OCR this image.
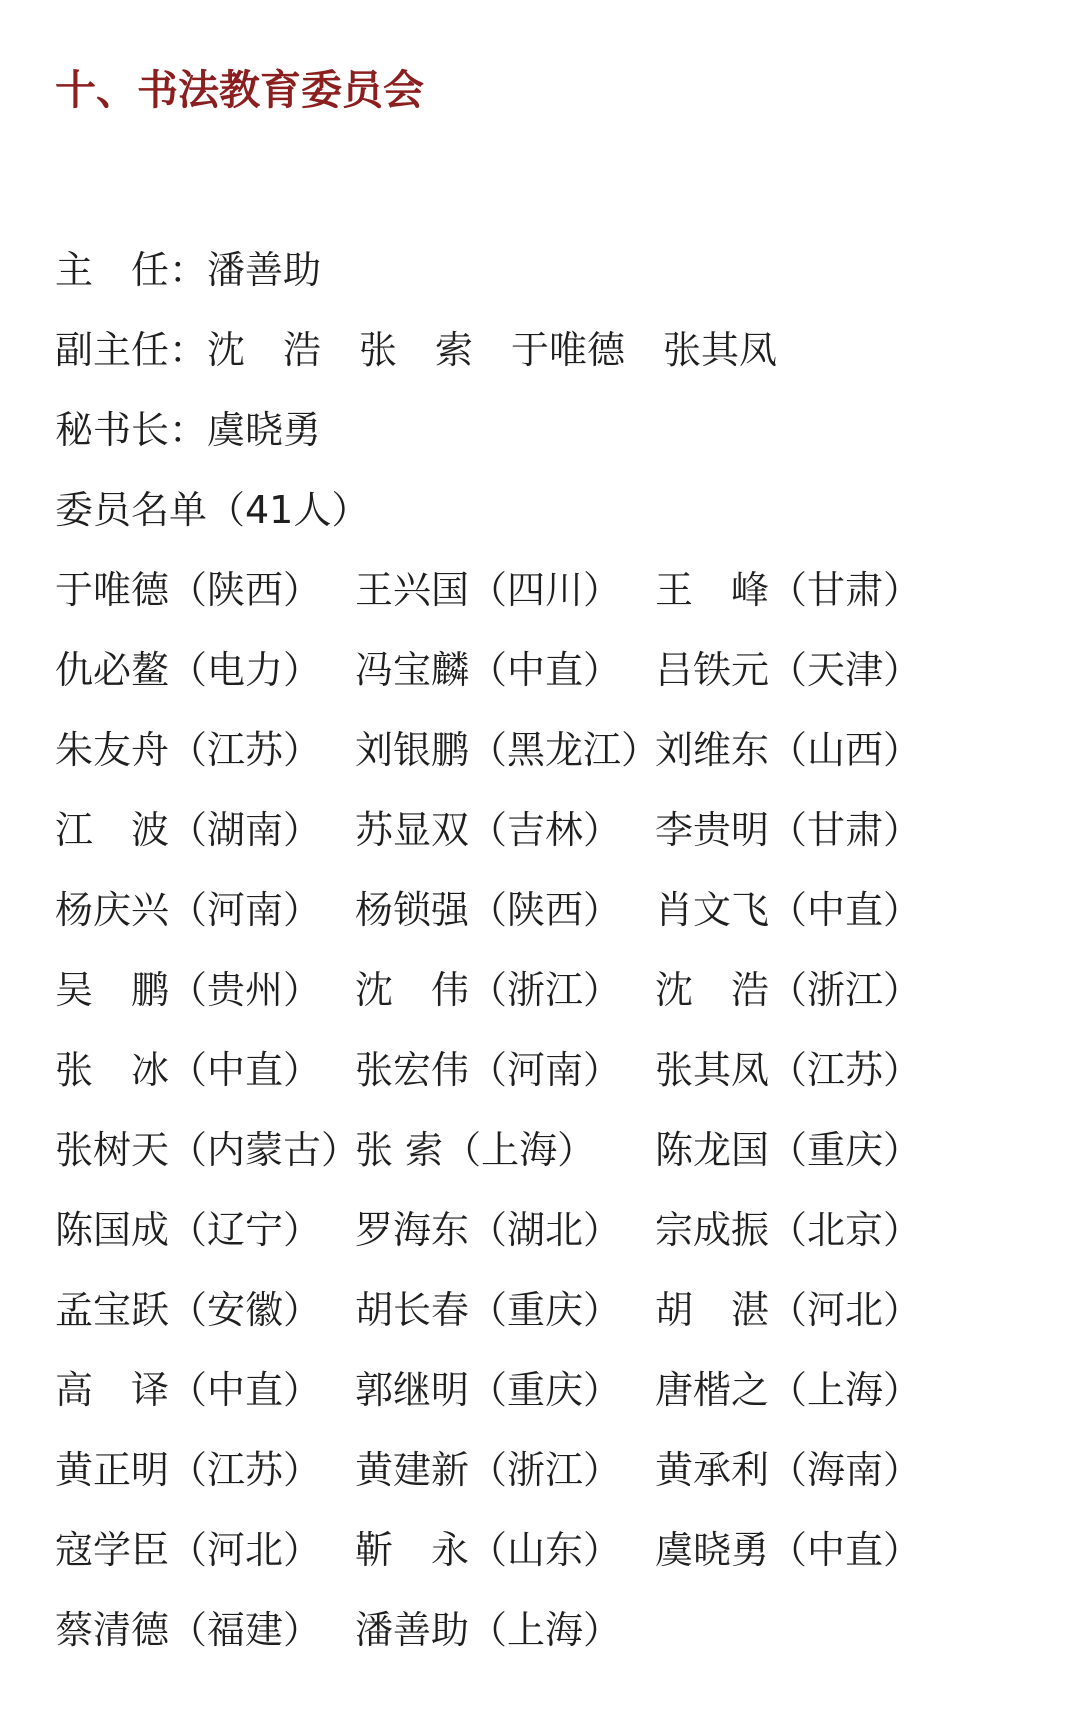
十、书法教育委员会
主　任：潘善助
副主任：沈　浩　张　索　于唯德　张其凤
秘书长：虞晓勇
委员名单（41人）
于唯德（陕西） 王兴国（四川） 王　峰（甘肃）
仇必鳌（电力） 冯宝麟（中直） 吕铁元（天津）
朱友舟（江苏） 刘银鹏（黑龙江）
刘维东（山西）
江　波（湖南） 苏显双（吉林） 李贵明（甘肃）
杨庆兴（河南） 杨锁强（陕西） 肖文飞（中直）
吴　鹏（贵州） 沈　伟（浙江） 沈　浩（浙江）
张　冰（中直） 张宏伟（河南） 张其凤（江苏）
张树天（内蒙古）
张 索（上海） 陈龙国（重庆）
陈国成（辽宁） 罗海东（湖北） 宗成振（北京）
孟宝跃（安徽） 胡长春（重庆） 胡　湛（河北）
高　译（中直） 郭继明（重庆） 唐楷之（上海）
黄正明（江苏） 黄建新（浙江） 黄承利（海南）
寇学臣（河北） 靳　永（山东） 虞晓勇（中直）
蔡清德（福建） 潘善助（上海）
